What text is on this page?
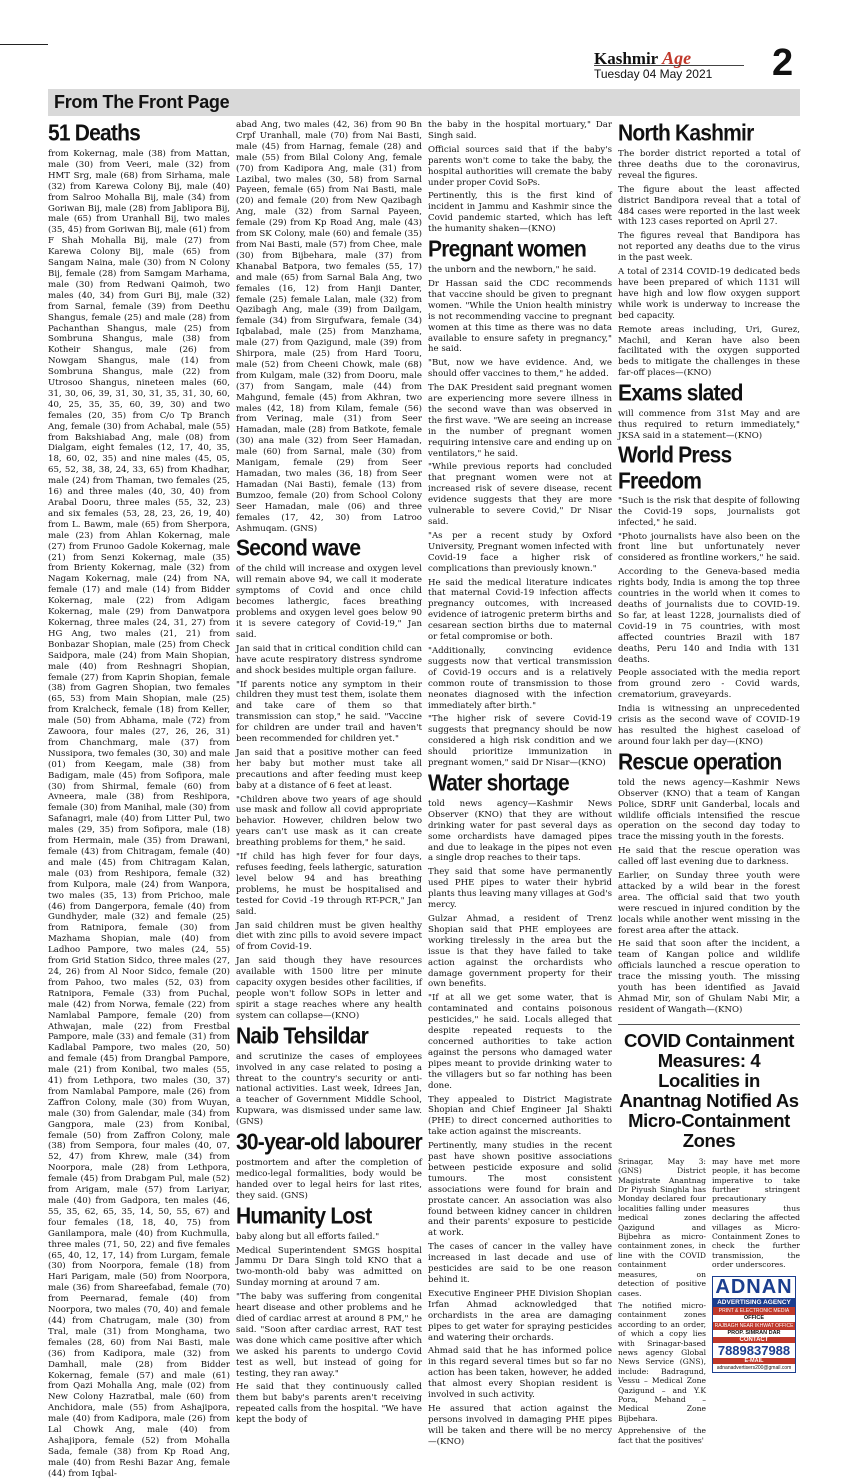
Kashmir Age
Tuesday 04 May 2021 2
From The Front Page
51 Deaths

from Kokernag, male (38) from Mattan, male (30) from Veeri, male (32) from HMT Srg, male (68) from Sirhama, male (32) from Karewa Colony Bij, male (40) from Salroo Mohalla Bij, male (34) from Goriwan Bij, male (28) from Jablipora Bij, male (65) from Uranhall Bij, two males (35, 45) from Goriwan Bij, male (61) from F Shah Mohalla Bij, male (27) from Karewa Colony Bij, male (65) from Sangam Naina, male (30) from N Colony Bij, female (28) from Samgam Marhama, male (30) from Redwani Qaimoh, two males (40, 34) from Guri Bij, male (32) from Sarnal, female (39) from Deethu Shangus, female (25) and male (28) from Pachanthan Shangus, male (25) from Sombruna Shangus, male (38) from Kotheir Shangus, male (26) from Nowgam Shangus, male (14) from Sombruna Shangus, male (22) from Utrosoo Shangus, nineteen males (60, 31, 30, 06, 39, 31, 30, 31, 35, 31, 30, 60, 40, 25, 35, 35, 60, 39, 30) and two females (20, 35) from C/o Tp Branch Ang, female (30) from Achabal, male (55) from Bakshiabad Ang, male (08) from Dialgam, eight females (12, 17, 40, 35, 18, 60, 02, 35) and nine males (45, 05, 65, 52, 38, 38, 24, 33, 65) from Khadhar, male (24) from Thaman, two females (25, 16) and three males (40, 30, 40) from Arabal Dooru, three males (55, 32, 23) and six females (53, 28, 23, 26, 19, 40) from L. Bawm, male (65) from Sherpora, male (23) from Ahlan Kokernag, male (27) from Frunoo Gadole Kokernag, male (21) from Senzi Kokernag, male (35) from Brienty Kokernag, male (32) from Nagam Kokernag, male (24) from NA, female (17) and male (14) from Bidder Kokernag, male (22) from Adigam Kokernag, male (29) from Danwatpora Kokernag, three males (24, 31, 27) from HG Ang, two males (21, 21) from Bonbazar Shopian, male (25) from Check Saidpora, male (24) from Main Shopian, male (40) from Reshnagri Shopian, female (27) from Kaprin Shopian, female (38) from Gagren Shopian, two females (65, 53) from Main Shopian, male (25) from Kralcheck, female (18) from Keller, male (50) from Abhama, male (72) from Zawoora, four males (27, 26, 26, 31) from Chanchmarg, male (37) from Nussipora, two females (30, 30) and male (01) from Keegam, male (38) from Badigam, male (45) from Sofipora, male (30) from Shirmal, female (60) from Avneera, male (38) from Reshipora, female (30) from Manihal, male (30) from Safanagri, male (40) from Litter Pul, two males (29, 35) from Sofipora, male (18) from Hermain, male (35) from Drawani, female (43) from Chitragam, female (40) and male (45) from Chitragam Kalan, male (03) from Reshipora, female (32) from Kulpora, male (24) from Wanpora, two males (35, 13) from Prichoo, male (46) from Dangerpora, female (40) from Gundhyder, male (32) and female (25) from Ratnipora, female (30) from Mazhama Shopian, male (40) from Ladhoo Pampore, two males (24, 55) from Grid Station Sidco, three males (27, 24, 26) from Al Noor Sidco, female (20) from Pahoo, two males (52, 03) from Ratnipora, Female (33) from Puchal, male (42) from Norwa, female (22) from Namlabal Pampore, female (20) from Athwajan, male (22) from Frestbal Pampore, male (33) and female (31) from Kadlabal Pampore, two males (20, 50) and female (45) from Drangbal Pampore, male (21) from Konibal, two males (55, 41) from Lethpora, two males (30, 37) from Namlabal Pampore, male (26) from Zaffron Colony, male (30) from Wuyan, male (30) from Galendar, male (34) from Gangpora, male (23) from Konibal, female (50) from Zaffron Colony, male (38) from Sempora, four males (40, 07, 52, 47) from Khrew, male (34) from Noorpora, male (28) from Lethpora, female (45) from Drabgam Pul, male (52) from Arigam, male (57) from Lariyar, male (40) from Gadpora, ten males (46, 55, 35, 62, 65, 35, 14, 50, 55, 67) and four females (18, 18, 40, 75) from Ganilampora, male (40) from Kuchmulla, three males (71, 50, 22) and five females (65, 40, 12, 17, 14) from Lurgam, female (30) from Noorpora, female (18) from Hari Parigam, male (50) from Noorpora, male (36) from Shareefabad, female (70) from Peernarad, female (40) from Noorpora, two males (70, 40) and female (44) from Chatrugam, male (30) from Tral, male (31) from Monghama, two females (28, 60) from Nai Basti, male (36) from Kadipora, male (32) from Damhall, male (28) from Bidder Kokernag, female (57) and male (61) from Qazi Mohalla Ang, male (02) from New Colony Hazratbal, male (60) from Anchidora, male (55) from Ashajipora, male (40) from Kadipora, male (26) from Lal Chowk Ang, male (40) from Ashajipora, female (52) from Mohalla Sada, female (38) from Kp Road Ang, male (40) from Reshi Bazar Ang, female (44) from Iqbal-

abad Ang, two males (42, 36) from 90 Bn Crpf Uranhall, male (70) from Nai Basti, male (45) from Harnag, female (28) and male (55) from Bilal Colony Ang, female (70) from Kadipora Ang, male (31) from Lazibal, two males (30, 58) from Sarnal Payeen, female (65) from Nai Basti, male (20) and female (20) from New Qazibagh Ang, male (32) from Sarnal Payeen, female (29) from Kp Road Ang, male (43) from SK Colony, male (60) and female (35) from Nai Basti, male (57) from Chee, male (30) from Bijbehara, male (37) from Khanabal Batpora, two females (55, 17) and male (65) from Sarnal Bala Ang, two females (16, 12) from Hanji Danter, female (25) female Lalan, male (32) from Qazibagh Ang, male (39) from Dailgam, female (34) from Sirgufwara, female (34) Iqbalabad, male (25) from Manzhama, male (27) from Qazigund, male (39) from Shirpora, male (25) from Hard Tooru, male (52) from Cheeni Chowk, male (68) from Kulgam, male (32) from Dooru, male (37) from Sangam, male (44) from Mahgund, female (45) from Akhran, two males (42, 18) from Kilam, female (56) from Verinag, male (31) from Seer Hamadan, male (28) from Batkote, female (30) ana male (32) from Seer Hamadan, male (60) from Sarnal, male (30) from Manigam, female (29) from Seer Hamadan, two males (36, 18) from Seer Hamadan (Nai Basti), female (13) from Bumzoo, female (20) from School Colony Seer Hamadan, male (06) and three females (17, 42, 30) from Latroo Ashmuqam. (GNS)

Second wave

of the child will increase and oxygen level will remain above 94, we call it moderate symptoms of Covid and once child becomes lathergic, faces breathing problems and oxygen level goes below 90 it is severe category of Covid-19," Jan said.

Jan said that in critical condition child can have acute respiratory distress syndrome and shock besides multiple organ failure.

"If parents notice any symptom in their children they must test them, isolate them and take care of them so that transmission can stop," he said. "Vaccine for children are under trail and haven't been recommended for children yet."

Jan said that a positive mother can feed her baby but mother must take all precautions and after feeding must keep baby at a distance of 6 feet at least.

"Children above two years of age should use mask and follow all covid appropriate behavior. However, children below two years can't use mask as it can create breathing problems for them," he said.

"If child has high fever for four days, refuses feeding, feels lathergic, saturation level below 94 and has breathing problems, he must be hospitalised and tested for Covid -19 through RT-PCR," Jan said.

Jan said children must be given healthy diet with zinc pills to avoid severe impact of from Covid-19.

Jan said though they have resources available with 1500 litre per minute capacity oxygen besides other facilities, if people won't follow SOPs in letter and spirit a stage reaches where any health system can collapse—(KNO)

Naib Tehsildar

and scrutinize the cases of employees involved in any case related to posing a threat to the country's security or anti-national activities. Last week, Idrees Jan, a teacher of Government Middle School, Kupwara, was dismissed under same law. (GNS)

30-year-old labourer

postmortem and after the completion of medico-legal formalities, body would be handed over to legal heirs for last rites, they said. (GNS)

Humanity Lost

baby along but all efforts failed."

Medical Superintendent SMGS hospital Jammu Dr Dara Singh told KNO that a two-month-old baby was admitted on Sunday morning at around 7 am.

"The baby was suffering from congenital heart disease and other problems and he died of cardiac arrest at around 8 PM," he said. "Soon after cardiac arrest, RAT test was done which came positive after which we asked his parents to undergo Covid test as well, but instead of going for testing, they ran away."

He said that they continuously called them but baby's parents aren't receiving repeated calls from the hospital. "We have kept the body of

the baby in the hospital mortuary," Dar Singh said.

Official sources said that if the baby's parents won't come to take the baby, the hospital authorities will cremate the baby under proper Covid SoPs.

Pertinently, this is the first kind of incident in Jammu and Kashmir since the Covid pandemic started, which has left the humanity shaken—(KNO)

Pregnant women

the unborn and the newborn," he said.

Dr Hassan said the CDC recommends that vaccine should be given to pregnant women. "While the Union health ministry is not recommending vaccine to pregnant women at this time as there was no data available to ensure safety in pregnancy," he said.

"But, now we have evidence. And, we should offer vaccines to them," he added.

The DAK President said pregnant women are experiencing more severe illness in the second wave than was observed in the first wave. "We are seeing an increase in the number of pregnant women requiring intensive care and ending up on ventilators," he said.

"While previous reports had concluded that pregnant women were not at increased risk of severe disease, recent evidence suggests that they are more vulnerable to severe Covid," Dr Nisar said.

"As per a recent study by Oxford University, Pregnant women infected with Covid-19 face a higher risk of complications than previously known."

He said the medical literature indicates that maternal Covid-19 infection affects pregnancy outcomes, with increased evidence of iatrogenic preterm births and cesarean section births due to maternal or fetal compromise or both.

"Additionally, convincing evidence suggests now that vertical transmission of Covid-19 occurs and is a relatively common route of transmission to those neonates diagnosed with the infection immediately after birth."

"The higher risk of severe Covid-19 suggests that pregnancy should be now considered a high risk condition and we should prioritize immunization in pregnant women," said Dr Nisar—(KNO)

Water shortage

told news agency—Kashmir News Observer (KNO) that they are without drinking water for past several days as some orchardists have damaged pipes and due to leakage in the pipes not even a single drop reaches to their taps.

They said that some have permanently used PHE pipes to water their hybrid plants thus leaving many villages at God's mercy.

Gulzar Ahmad, a resident of Trenz Shopian said that PHE employees are working tirelessly in the area but the issue is that they have failed to take action against the orchardists who damage government property for their own benefits.

"If at all we get some water, that is contaminated and contains poisonous pesticides," he said. Locals alleged that despite repeated requests to the concerned authorities to take action against the persons who damaged water pipes meant to provide drinking water to the villagers but so far nothing has been done.

They appealed to District Magistrate Shopian and Chief Engineer Jal Shakti (PHE) to direct concerned authorities to take action against the miscreants.

Pertinently, many studies in the recent past have shown positive associations between pesticide exposure and solid tumours. The most consistent associations were found for brain and prostate cancer. An association was also found between kidney cancer in children and their parents' exposure to pesticide at work.

The cases of cancer in the valley have increased in last decade and use of pesticides are said to be one reason behind it.

Executive Engineer PHE Division Shopian Irfan Ahmad acknowledged that orchardists in the area are damaging pipes to get water for spraying pesticides and watering their orchards.

Ahmad said that he has informed police in this regard several times but so far no action has been taken, however, he added that almost every Shopian resident is involved in such activity.

He assured that action against the persons involved in damaging PHE pipes will be taken and there will be no mercy—(KNO)

North Kashmir

The border district reported a total of three deaths due to the coronavirus, reveal the figures.

The figure about the least affected district Bandipora reveal that a total of 484 cases were reported in the last week with 123 cases reported on April 27.

The figures reveal that Bandipora has not reported any deaths due to the virus in the past week.

A total of 2314 COVID-19 dedicated beds have been prepared of which 1131 will have high and low flow oxygen support while work is underway to increase the bed capacity.

Remote areas including, Uri, Gurez, Machil, and Keran have also been facilitated with the oxygen supported beds to mitigate the challenges in these far-off places—(KNO)

Exams slated

will commence from 31st May and are thus required to return immediately," JKSA said in a statement—(KNO)

World Press Freedom

"Such is the risk that despite of following the Covid-19 sops, journalists got infected," he said.

"Photo journalists have also been on the front line but unfortunately never considered as frontline workers," he said.

According to the Geneva-based media rights body, India is among the top three countries in the world when it comes to deaths of journalists due to COVID-19. So far, at least 1228, journalists died of Covid-19 in 75 countries, with most affected countries Brazil with 187 deaths, Peru 140 and India with 131 deaths.

People associated with the media report from ground zero - Covid wards, crematorium, graveyards.

India is witnessing an unprecedented crisis as the second wave of COVID-19 has resulted the highest caseload of around four lakh per day—(KNO)

Rescue operation

told the news agency—Kashmir News Observer (KNO) that a team of Kangan Police, SDRF unit Ganderbal, locals and wildlife officials intensified the rescue operation on the second day today to trace the missing youth in the forests.

He said that the rescue operation was called off last evening due to darkness.

Earlier, on Sunday three youth were attacked by a wild bear in the forest area. The official said that two youth were rescued in injured condition by the locals while another went missing in the forest area after the attack.

He said that soon after the incident, a team of Kangan police and wildlife officials launched a rescue operation to trace the missing youth. The missing youth has been identified as Javaid Ahmad Mir, son of Ghulam Nabi Mir, a resident of Wangath—(KNO)

COVID Containment Measures: 4 Localities in Anantnag Notified As Micro-Containment Zones

Srinagar, May 3: (GNS) District Magistrate Anantnag Dr Piyush Singhla has Monday declared four localities falling under medical zones Qazigund and Bijbehra as micro-containment zones, in line with the COVID containment measures, on detection of positive cases.

The notified micro-containment zones according to an order, of which a copy lies with Srinagar-based news agency Global News Service (GNS), include: Badragund, Vessu – Medical Zone Qazigund – and Y.K Pora, Mehand – Medical Zone Bijbehara.

Apprehensive of the fact that the positives'

may have met more people, it has become imperative to take further stringent precautionary measures thus declaring the affected villages as Micro-Containment Zones to check the further transmission, the order underscores.

ADNAN
ADVERTISING AGENCY
PRINT & ELECTRONIC MEDIA
OFFICE
RAJBAGH NEAR IKHWAT OFFICE
PROP. SIMRAN DAR
CONTACT
7889837988
E-MAIL
adnanadvertisers200@gmail.com
